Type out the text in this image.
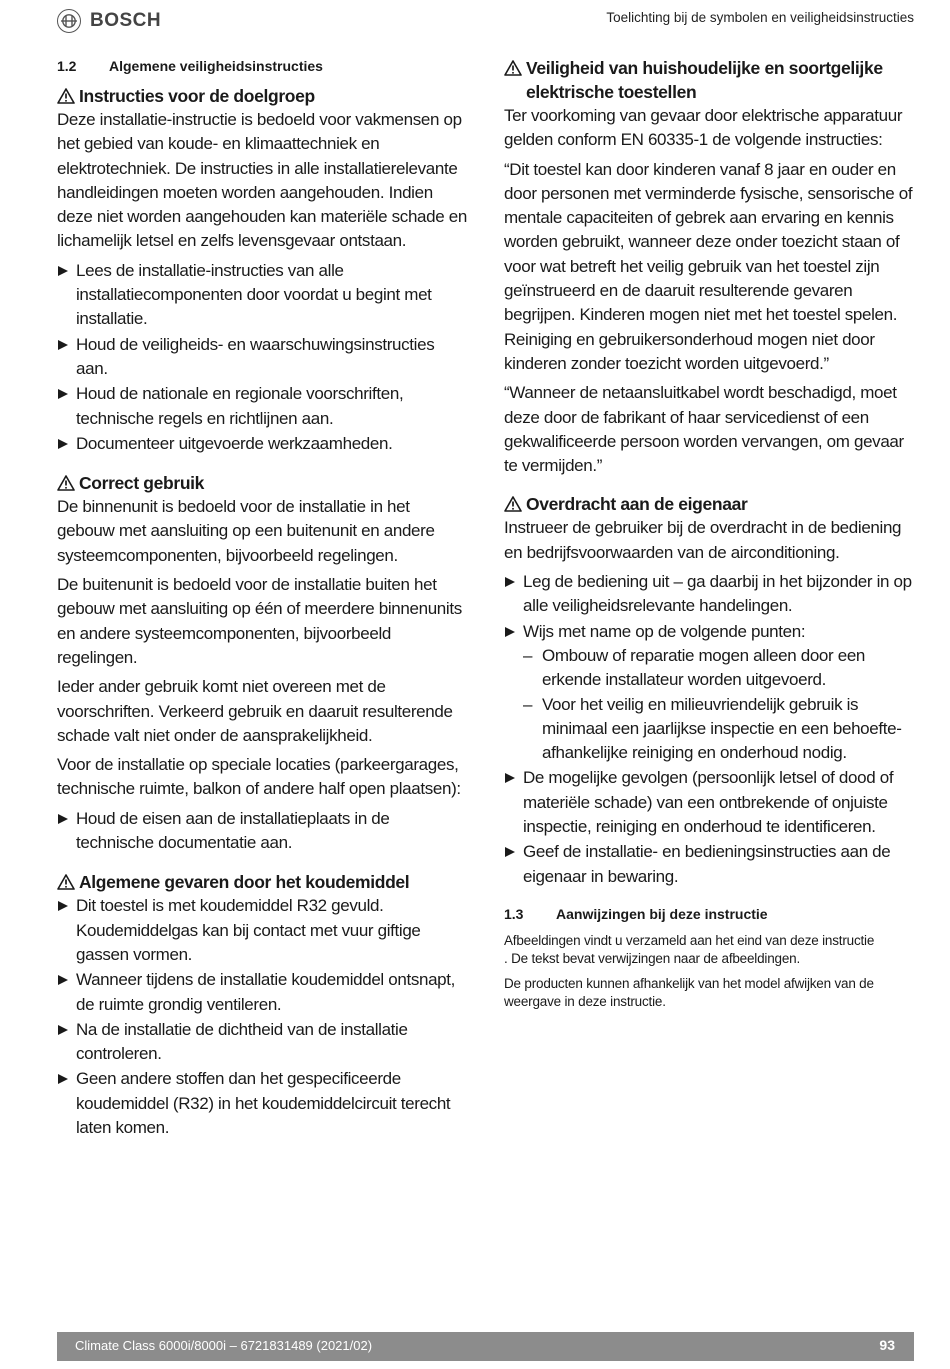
BOSCH	Toelichting bij de symbolen en veiligheidsinstructies
1.2	Algemene veiligheidsinstructies
Instructies voor de doelgroep

Deze installatie-instructie is bedoeld voor vakmensen op het gebied van koude- en klimaattechniek en elektrotechniek. De instructies in alle installatierelevante handleidingen moeten worden aangehouden. Indien deze niet worden aangehouden kan materiële schade en lichamelijk letsel en zelfs levensgevaar ontstaan.

Lees de installatie-instructies van alle installatiecomponenten door voordat u begint met installatie.
Houd de veiligheids- en waarschuwingsinstructies aan.
Houd de nationale en regionale voorschriften, technische regels en richtlijnen aan.
Documenteer uitgevoerde werkzaamheden.
Correct gebruik

De binnenunit is bedoeld voor de installatie in het gebouw met aansluiting op een buitenunit en andere systeemcomponenten, bijvoorbeeld regelingen.

De buitenunit is bedoeld voor de installatie buiten het gebouw met aansluiting op één of meerdere binnenunits en andere systeemcomponenten, bijvoorbeeld regelingen.

Ieder ander gebruik komt niet overeen met de voorschriften. Verkeerd gebruik en daaruit resulterende schade valt niet onder de aansprakelijkheid.

Voor de installatie op speciale locaties (parkeergarages, technische ruimte, balkon of andere half open plaatsen):

Houd de eisen aan de installatieplaats in de technische documentatie aan.
Algemene gevaren door het koudemiddel
Dit toestel is met koudemiddel R32 gevuld. Koudemiddelgas kan bij contact met vuur giftige gassen vormen.
Wanneer tijdens de installatie koudemiddel ontsnapt, de ruimte grondig ventileren.
Na de installatie de dichtheid van de installatie controleren.
Geen andere stoffen dan het gespecificeerde koudemiddel (R32) in het koudemiddelcircuit terecht laten komen.
Veiligheid van huishoudelijke en soortgelijke elektrische toestellen

Ter voorkoming van gevaar door elektrische apparatuur gelden conform EN 60335-1 de volgende instructies:

“Dit toestel kan door kinderen vanaf 8 jaar en ouder en door personen met verminderde fysische, sensorische of mentale capaciteiten of gebrek aan ervaring en kennis worden gebruikt, wanneer deze onder toezicht staan of voor wat betreft het veilig gebruik van het toestel zijn geïnstrueerd en de daaruit resulterende gevaren begrijpen. Kinderen mogen niet met het toestel spelen. Reiniging en gebruikersonderhoud mogen niet door kinderen zonder toezicht worden uitgevoerd.”

“Wanneer de netaansluitkabel wordt beschadigd, moet deze door de fabrikant of haar servicedienst of een gekwalificeerde persoon worden vervangen, om gevaar te vermijden.”

Overdracht aan de eigenaar

Instrueer de gebruiker bij de overdracht in de bediening en bedrijfsvoorwaarden van de airconditioning.

Leg de bediening uit – ga daarbij in het bijzonder in op alle veiligheidsrelevante handelingen.
Wijs met name op de volgende punten:
– Ombouw of reparatie mogen alleen door een erkende installateur worden uitgevoerd.
– Voor het veilig en milieuvriendelijk gebruik is minimaal een jaarlijkse inspectie en een behoefte-afhankelijke reiniging en onderhoud nodig.
De mogelijke gevolgen (persoonlijk letsel of dood of materiële schade) van een ontbrekende of onjuiste inspectie, reiniging en onderhoud te identificeren.
Geef de installatie- en bedieningsinstructies aan de eigenaar in bewaring.
1.3	Aanwijzingen bij deze instructie

Afbeeldingen vindt u verzameld aan het eind van deze instructie
. De tekst bevat verwijzingen naar de afbeeldingen.

De producten kunnen afhankelijk van het model afwijken van de weergave in deze instructie.

Climate Class 6000i/8000i – 6721831489 (2021/02)	93
